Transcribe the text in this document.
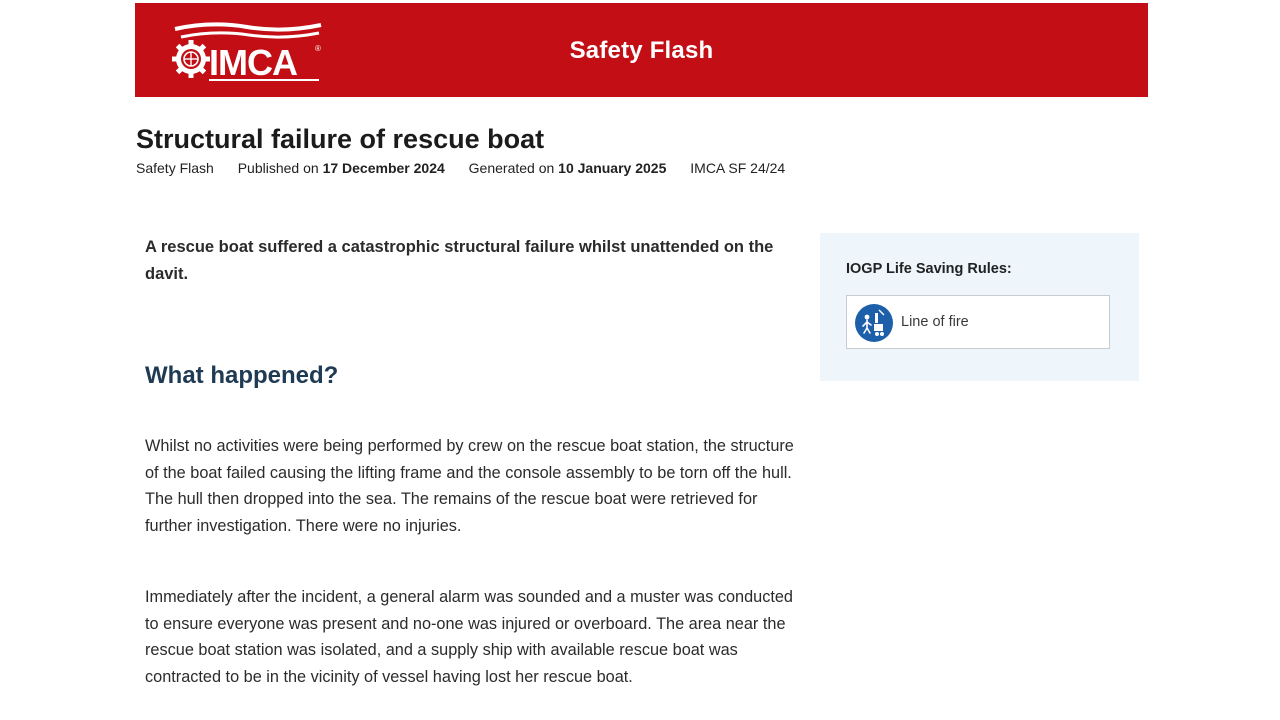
IMCA ®	Safety Flash
Structural failure of rescue boat
Safety Flash Published on 17 December 2024 Generated on 10 January 2025 IMCA SF 24/24

A rescue boat suffered a catastrophic structural failure whilst unattended on the davit.

What happened?

Whilst no activities were being performed by crew on the rescue boat station, the structure of the boat failed causing the lifting frame and the console assembly to be torn off the hull. The hull then dropped into the sea. The remains of the rescue boat were retrieved for further investigation. There were no injuries.

Immediately after the incident, a general alarm was sounded and a muster was conducted to ensure everyone was present and no-one was injured or overboard. The area near the rescue boat station was isolated, and a supply ship with available rescue boat was contracted to be in the vicinity of vessel having lost her rescue boat.

IOGP Life Saving Rules:
Line of fire
